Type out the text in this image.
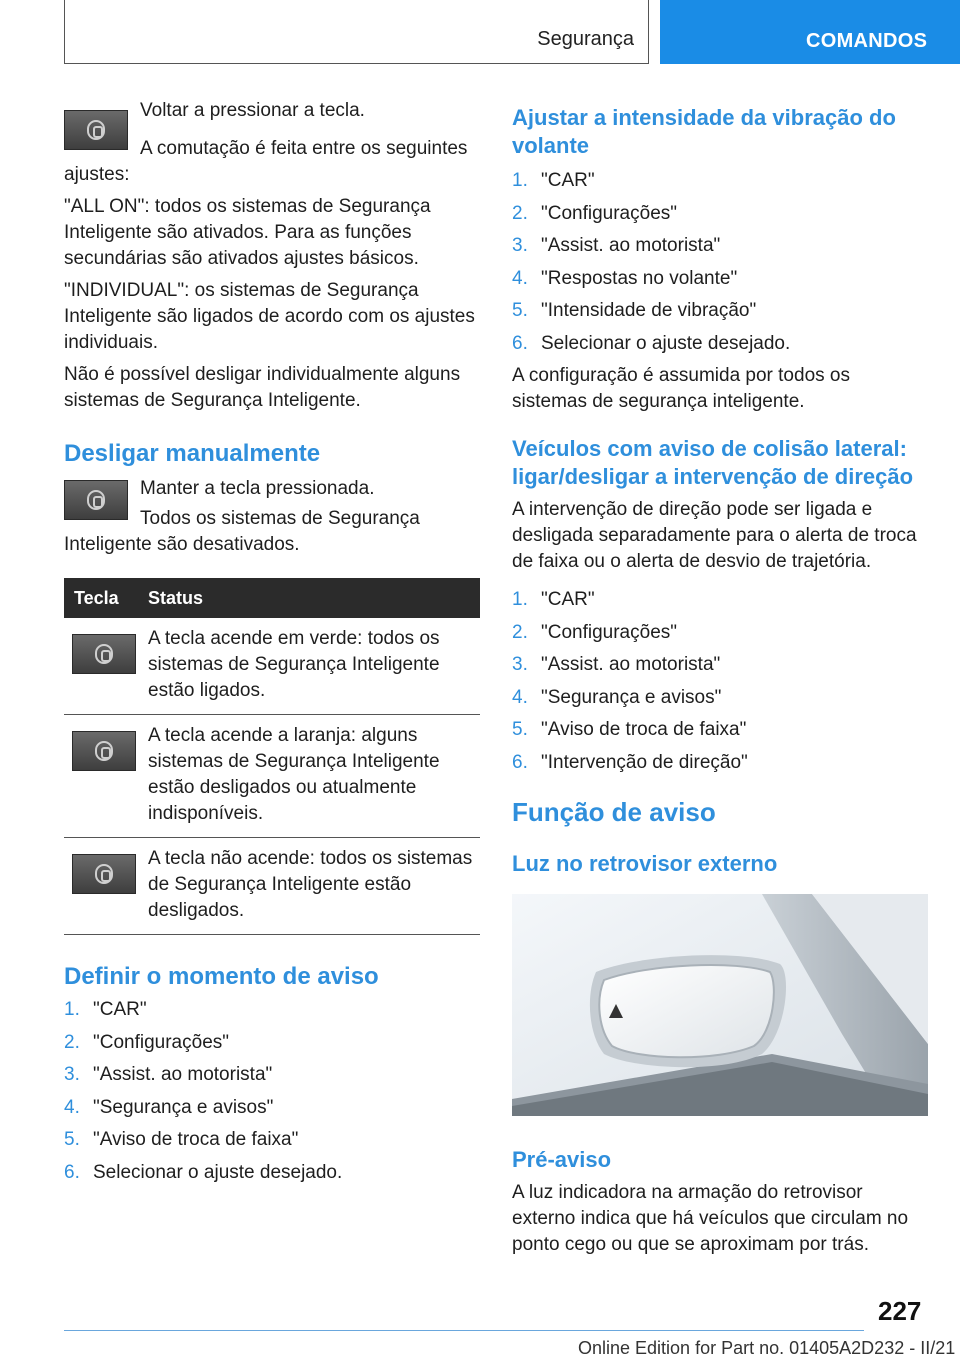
Segurança	COMANDOS

Voltar a pressionar a tecla.

A comutação é feita entre os seguintes ajustes:

"ALL ON": todos os sistemas de Segurança Inteligente são ativados. Para as funções secundárias são ativados ajustes básicos.

"INDIVIDUAL": os sistemas de Segurança Inteligente são ligados de acordo com os ajustes individuais.

Não é possível desligar individualmente alguns sistemas de Segurança Inteligente.

Desligar manualmente

Manter a tecla pressionada.

Todos os sistemas de Segurança Inteligente são desativados.

Tecla	Status
A tecla acende em verde: todos os sistemas de Segurança Inteligente estão ligados.
A tecla acende a laranja: alguns sistemas de Segurança Inteligente estão desligados ou atualmente indisponíveis.
A tecla não acende: todos os sistemas de Segurança Inteligente estão desligados.
Definir o momento de aviso
1. "CAR"
2. "Configurações"
3. "Assist. ao motorista"
4. "Segurança e avisos"
5. "Aviso de troca de faixa"
6. Selecionar o ajuste desejado.
Ajustar a intensidade da vibração do volante
1. "CAR"
2. "Configurações"
3. "Assist. ao motorista"
4. "Respostas no volante"
5. "Intensidade de vibração"
6. Selecionar o ajuste desejado.

A configuração é assumida por todos os sistemas de segurança inteligente.

Veículos com aviso de colisão lateral: ligar/desligar a intervenção de direção

A intervenção de direção pode ser ligada e desligada separadamente para o alerta de troca de faixa ou o alerta de desvio de trajetória.

1. "CAR"
2. "Configurações"
3. "Assist. ao motorista"
4. "Segurança e avisos"
5. "Aviso de troca de faixa"
6. "Intervenção de direção"
Função de aviso
Luz no retrovisor externo
Pré-aviso

A luz indicadora na armação do retrovisor externo indica que há veículos que circulam no ponto cego ou que se aproximam por trás.

227
Online Edition for Part no. 01405A2D232 - II/21
